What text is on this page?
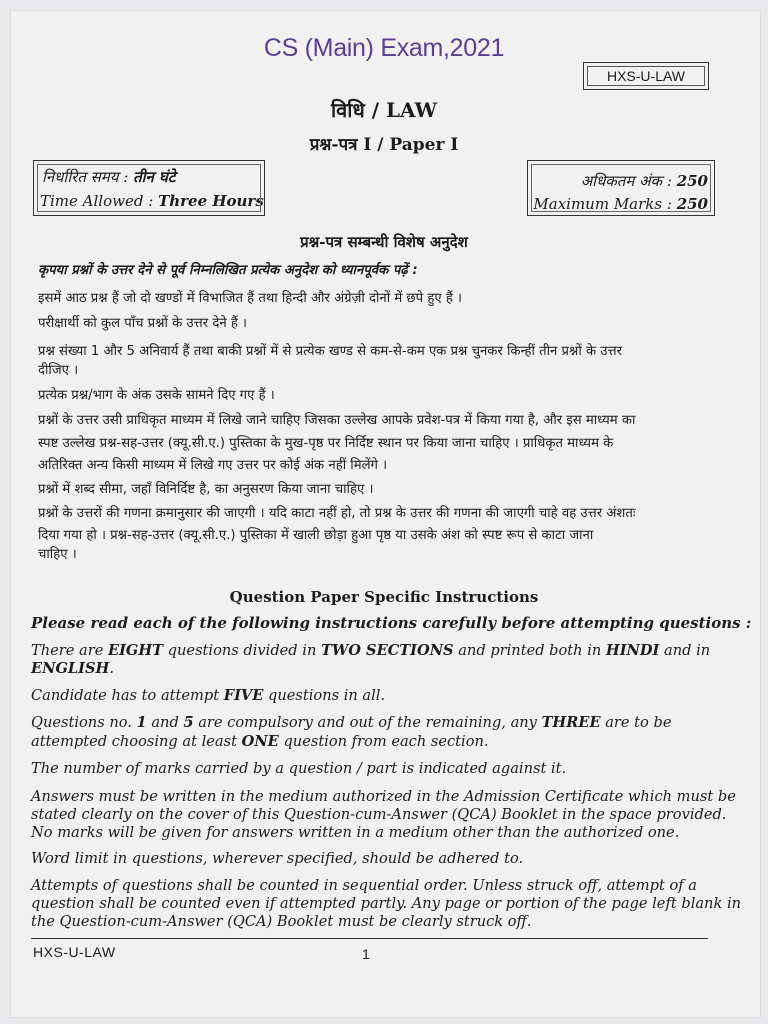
CS (Main) Exam,2021
HXS-U-LAW
विधि / LAW
प्रश्न-पत्र I / Paper I
निर्धारित समय : तीन घंटे
Time Allowed : Three Hours
अधिकतम अंक : 250
Maximum Marks : 250
प्रश्न-पत्र सम्बन्धी विशेष अनुदेश
कृपया प्रश्नों के उत्तर देने से पूर्व निम्नलिखित प्रत्येक अनुदेश को ध्यानपूर्वक पढ़ें :
इसमें आठ प्रश्न हैं जो दो खण्डों में विभाजित हैं तथा हिन्दी और अंग्रेज़ी दोनों में छपे हुए हैं ।
परीक्षार्थी को कुल पाँच प्रश्नों के उत्तर देने हैं ।
प्रश्न संख्या 1 और 5 अनिवार्य हैं तथा बाकी प्रश्नों में से प्रत्येक खण्ड से कम-से-कम एक प्रश्न चुनकर किन्हीं तीन प्रश्नों के उत्तर
दीजिए ।
प्रत्येक प्रश्न/भाग के अंक उसके सामने दिए गए हैं ।
प्रश्नों के उत्तर उसी प्राधिकृत माध्यम में लिखे जाने चाहिए जिसका उल्लेख आपके प्रवेश-पत्र में किया गया है, और इस माध्यम का
स्पष्ट उल्लेख प्रश्न-सह-उत्तर (क्यू.सी.ए.) पुस्तिका के मुख-पृष्ठ पर निर्दिष्ट स्थान पर किया जाना चाहिए । प्राधिकृत माध्यम के
अतिरिक्त अन्य किसी माध्यम में लिखे गए उत्तर पर कोई अंक नहीं मिलेंगे ।
प्रश्नों में शब्द सीमा, जहाँ विनिर्दिष्ट है, का अनुसरण किया जाना चाहिए ।
प्रश्नों के उत्तरों की गणना क्रमानुसार की जाएगी । यदि काटा नहीं हो, तो प्रश्न के उत्तर की गणना की जाएगी चाहे वह उत्तर अंशतः
दिया गया हो । प्रश्न-सह-उत्तर (क्यू.सी.ए.) पुस्तिका में खाली छोड़ा हुआ पृष्ठ या उसके अंश को स्पष्ट रूप से काटा जाना
चाहिए ।
Question Paper Specific Instructions
Please read each of the following instructions carefully before attempting questions :
There are EIGHT questions divided in TWO SECTIONS and printed both in HINDI and in
ENGLISH.
Candidate has to attempt FIVE questions in all.
Questions no. 1 and 5 are compulsory and out of the remaining, any THREE are to be
attempted choosing at least ONE question from each section.
The number of marks carried by a question / part is indicated against it.
Answers must be written in the medium authorized in the Admission Certificate which must be
stated clearly on the cover of this Question-cum-Answer (QCA) Booklet in the space provided.
No marks will be given for answers written in a medium other than the authorized one.
Word limit in questions, wherever specified, should be adhered to.
Attempts of questions shall be counted in sequential order. Unless struck off, attempt of a
question shall be counted even if attempted partly. Any page or portion of the page left blank in
the Question-cum-Answer (QCA) Booklet must be clearly struck off.
HXS-U-LAW	1
